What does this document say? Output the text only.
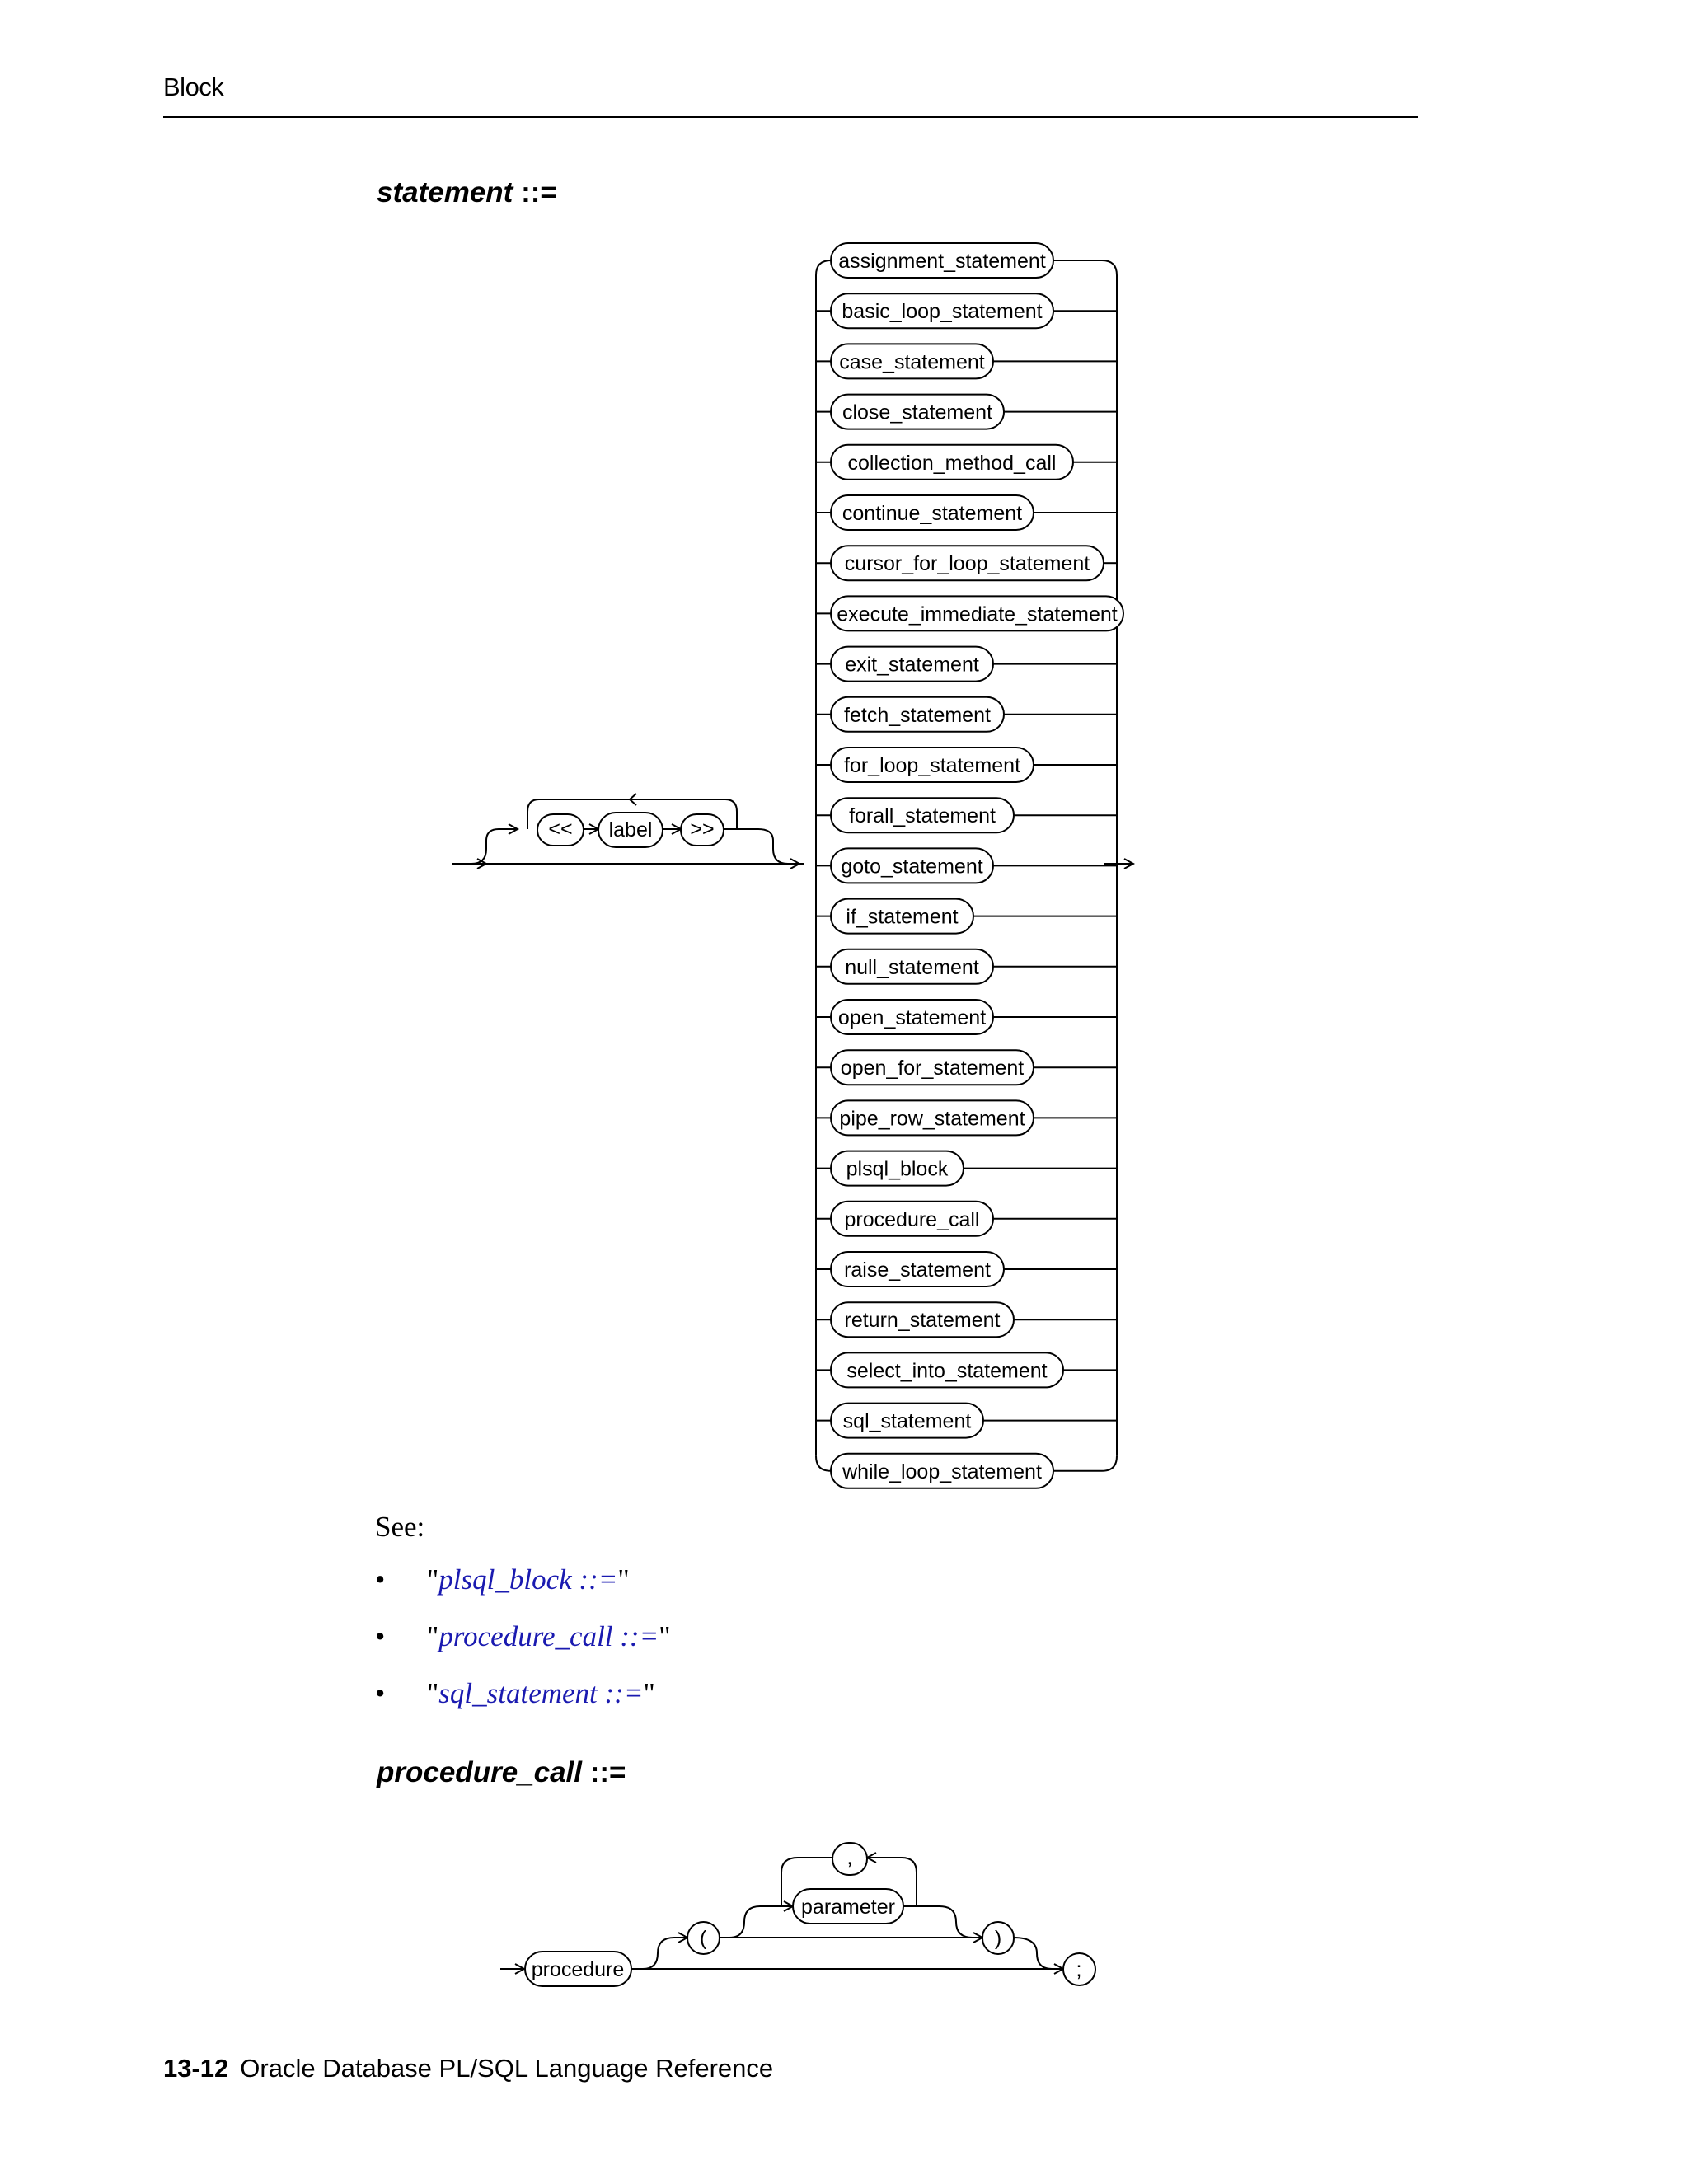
Block
statement ::=
assignment_statement
basic_loop_statement
case_statement
close_statement
collection_method_call
continue_statement
cursor_for_loop_statement
execute_immediate_statement
exit_statement
fetch_statement
for_loop_statement
forall_statement
goto_statement
if_statement
null_statement
open_statement
open_for_statement
pipe_row_statement
plsql_block
procedure_call
raise_statement
return_statement
select_into_statement
sql_statement
while_loop_statement
<< label >>
See:
• "plsql_block ::="
• "procedure_call ::="
• "sql_statement ::="
procedure_call ::=
procedure
(
,
parameter
)
;
13-12 Oracle Database PL/SQL Language Reference
